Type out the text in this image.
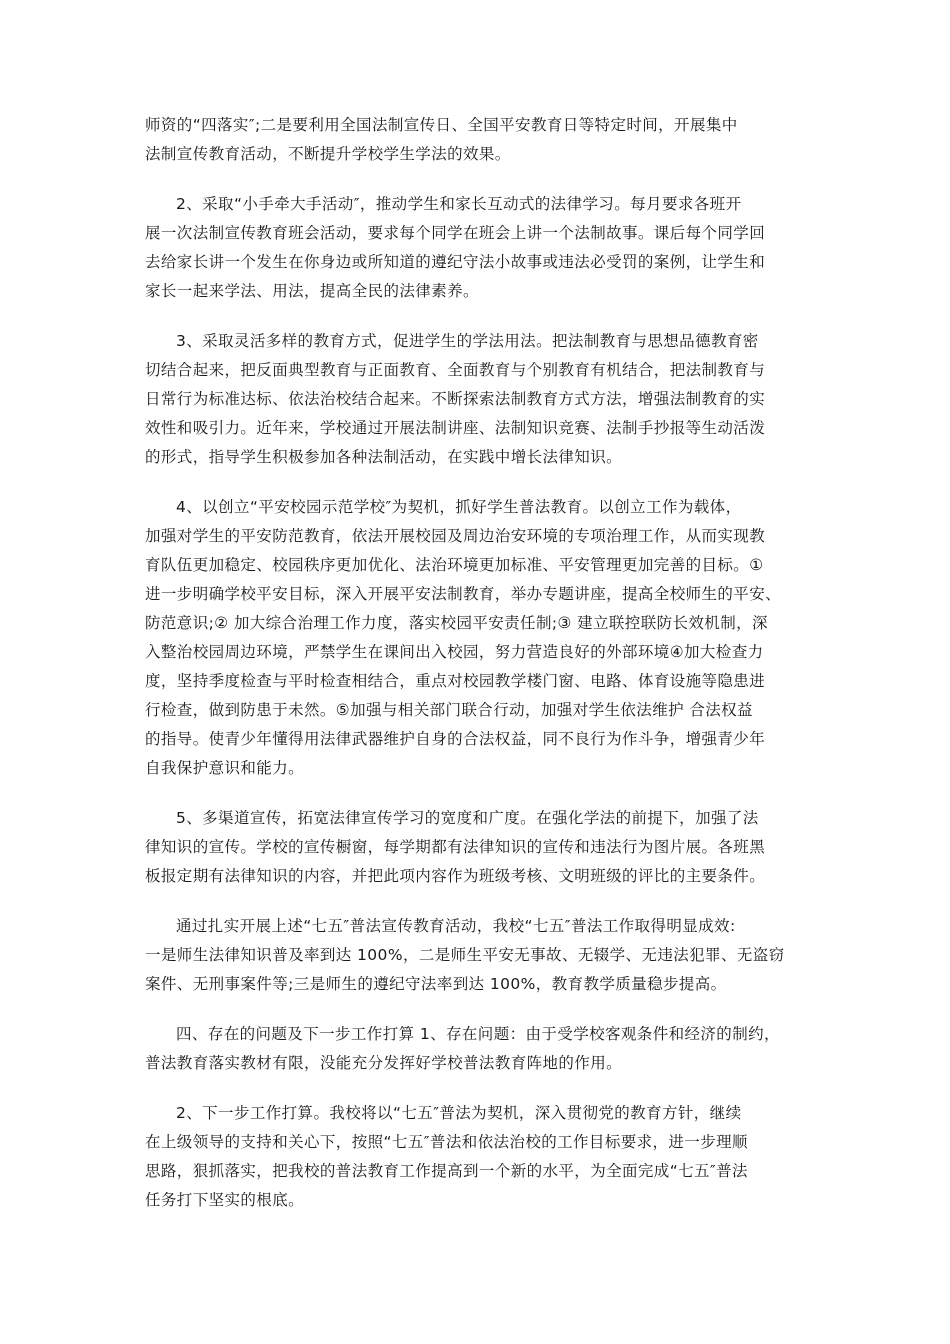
师资的“四落实″;二是要利用全国法制宣传日、全国平安教育日等特定时间，开展集中
法制宣传教育活动，不断提升学校学生学法的效果。
2、采取“小手牵大手活动″，推动学生和家长互动式的法律学习。每月要求各班开
展一次法制宣传教育班会活动，要求每个同学在班会上讲一个法制故事。课后每个同学回
去给家长讲一个发生在你身边或所知道的遵纪守法小故事或违法必受罚的案例，让学生和
家长一起来学法、用法，提高全民的法律素养。
3、采取灵活多样的教育方式，促进学生的学法用法。把法制教育与思想品德教育密
切结合起来，把反面典型教育与正面教育、全面教育与个别教育有机结合，把法制教育与
日常行为标准达标、依法治校结合起来。不断探索法制教育方式方法，增强法制教育的实
效性和吸引力。近年来，学校通过开展法制讲座、法制知识竞赛、法制手抄报等生动活泼
的形式，指导学生积极参加各种法制活动，在实践中增长法律知识。
4、以创立“平安校园示范学校″为契机，抓好学生普法教育。以创立工作为载体，
加强对学生的平安防范教育，依法开展校园及周边治安环境的专项治理工作，从而实现教
育队伍更加稳定、校园秩序更加优化、法治环境更加标准、平安管理更加完善的目标。①
进一步明确学校平安目标，深入开展平安法制教育，举办专题讲座，提高全校师生的平安、
防范意识;② 加大综合治理工作力度，落实校园平安责任制;③ 建立联控联防长效机制，深
入整治校园周边环境，严禁学生在课间出入校园，努力营造良好的外部环境④加大检查力
度，坚持季度检查与平时检查相结合，重点对校园教学楼门窗、电路、体育设施等隐患进
行检查，做到防患于未然。⑤加强与相关部门联合行动，加强对学生依法维护 合法权益
的指导。使青少年懂得用法律武器维护自身的合法权益，同不良行为作斗争，增强青少年
自我保护意识和能力。
5、多渠道宣传，拓宽法律宣传学习的宽度和广度。在强化学法的前提下，加强了法
律知识的宣传。学校的宣传橱窗，每学期都有法律知识的宣传和违法行为图片展。各班黑
板报定期有法律知识的内容，并把此项内容作为班级考核、文明班级的评比的主要条件。
通过扎实开展上述“七五″普法宣传教育活动，我校“七五″普法工作取得明显成效:
一是师生法律知识普及率到达 100%，二是师生平安无事故、无辍学、无违法犯罪、无盗窃
案件、无刑事案件等;三是师生的遵纪守法率到达 100%，教育教学质量稳步提高。
四、存在的问题及下一步工作打算 1、存在问题：由于受学校客观条件和经济的制约，
普法教育落实教材有限，没能充分发挥好学校普法教育阵地的作用。
2、下一步工作打算。我校将以“七五″普法为契机，深入贯彻党的教育方针，继续
在上级领导的支持和关心下，按照“七五″普法和依法治校的工作目标要求，进一步理顺
思路，狠抓落实，把我校的普法教育工作提高到一个新的水平，为全面完成“七五″普法
任务打下坚实的根底。
